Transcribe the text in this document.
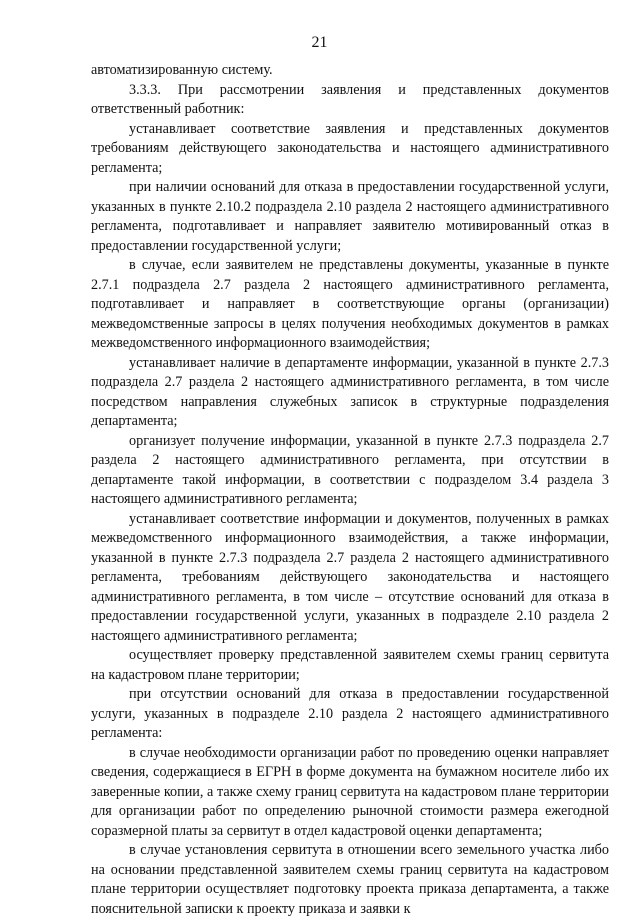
21

автоматизированную систему.

3.3.3. При рассмотрении заявления и представленных документов ответственный работник:

устанавливает соответствие заявления и представленных документов требованиям действующего законодательства и настоящего административного регламента;

при наличии оснований для отказа в предоставлении государственной услуги, указанных в пункте 2.10.2 подраздела 2.10 раздела 2 настоящего административного регламента, подготавливает и направляет заявителю мотивированный отказ в предоставлении государственной услуги;

в случае, если заявителем не представлены документы, указанные в пункте 2.7.1 подраздела 2.7 раздела 2 настоящего административного регламента, подготавливает и направляет в соответствующие органы (организации) межведомственные запросы в целях получения необходимых документов в рамках межведомственного информационного взаимодействия;

устанавливает наличие в департаменте информации, указанной в пункте 2.7.3 подраздела 2.7 раздела 2 настоящего административного регламента, в том числе посредством направления служебных записок в структурные подразделения департамента;

организует получение информации, указанной в пункте 2.7.3 подраздела 2.7 раздела 2 настоящего административного регламента, при отсутствии в департаменте такой информации, в соответствии с подразделом 3.4 раздела 3 настоящего административного регламента;

устанавливает соответствие информации и документов, полученных в рамках межведомственного информационного взаимодействия, а также информации, указанной в пункте 2.7.3 подраздела 2.7 раздела 2 настоящего административного регламента, требованиям действующего законодательства и настоящего административного регламента, в том числе – отсутствие оснований для отказа в предоставлении государственной услуги, указанных в подразделе 2.10 раздела 2 настоящего административного регламента;

осуществляет проверку представленной заявителем схемы границ сервитута на кадастровом плане территории;

при отсутствии оснований для отказа в предоставлении государственной услуги, указанных в подразделе 2.10 раздела 2 настоящего административного регламента:

в случае необходимости организации работ по проведению оценки направляет сведения, содержащиеся в ЕГРН в форме документа на бумажном носителе либо их заверенные копии, а также схему границ сервитута на кадастровом плане территории для организации работ по определению рыночной стоимости размера ежегодной соразмерной платы за сервитут в отдел кадастровой оценки департамента;

в случае установления сервитута в отношении всего земельного участка либо на основании представленной заявителем схемы границ сервитута на кадастровом плане территории осуществляет подготовку проекта приказа департамента, а также пояснительной записки к проекту приказа и заявки к
